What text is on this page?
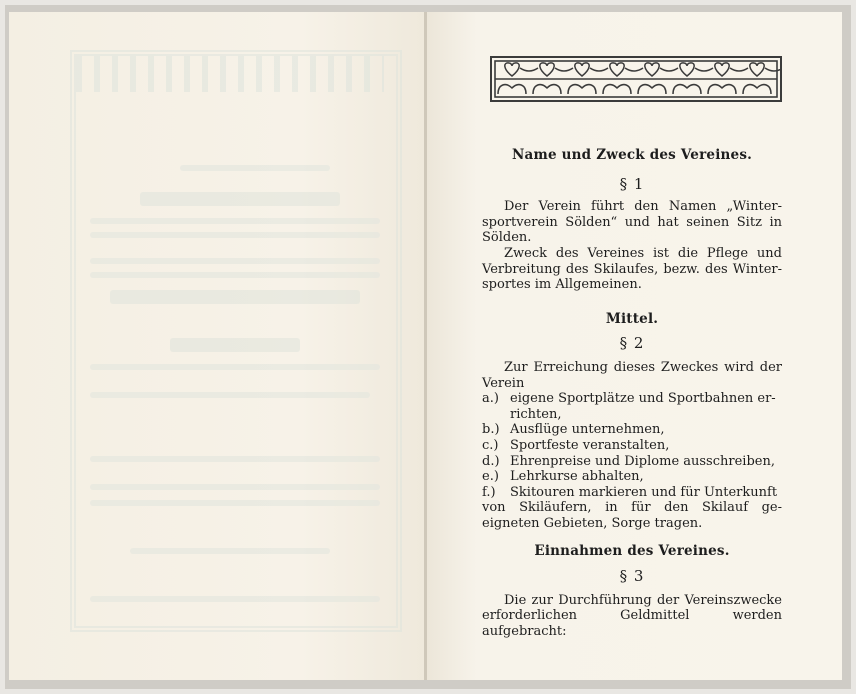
Name und Zweck des Vereines.

§ 1

Der Verein führt den Namen „Winter- sportverein Sölden“ und hat seinen Sitz in Sölden.

Zweck des Vereines ist die Pflege und Verbreitung des Skilaufes, bezw. des Winter- sportes im Allgemeinen.

Mittel.

§ 2

Zur Erreichung dieses Zweckes wird der Verein

a.) eigene Sportplätze und Sportbahnen er- richten,
b.) Ausflüge unternehmen,
c.) Sportfeste veranstalten,
d.) Ehrenpreise und Diplome ausschreiben,
e.) Lehrkurse abhalten,
f.)	Skitouren markieren und für Unterkunft

von Skiläufern, in für den Skilauf ge- eigneten Gebieten, Sorge tragen.

Einnahmen des Vereines.

§ 3

Die zur Durchführung der Vereinszwecke erforderlichen Geldmittel werden aufgebracht:
